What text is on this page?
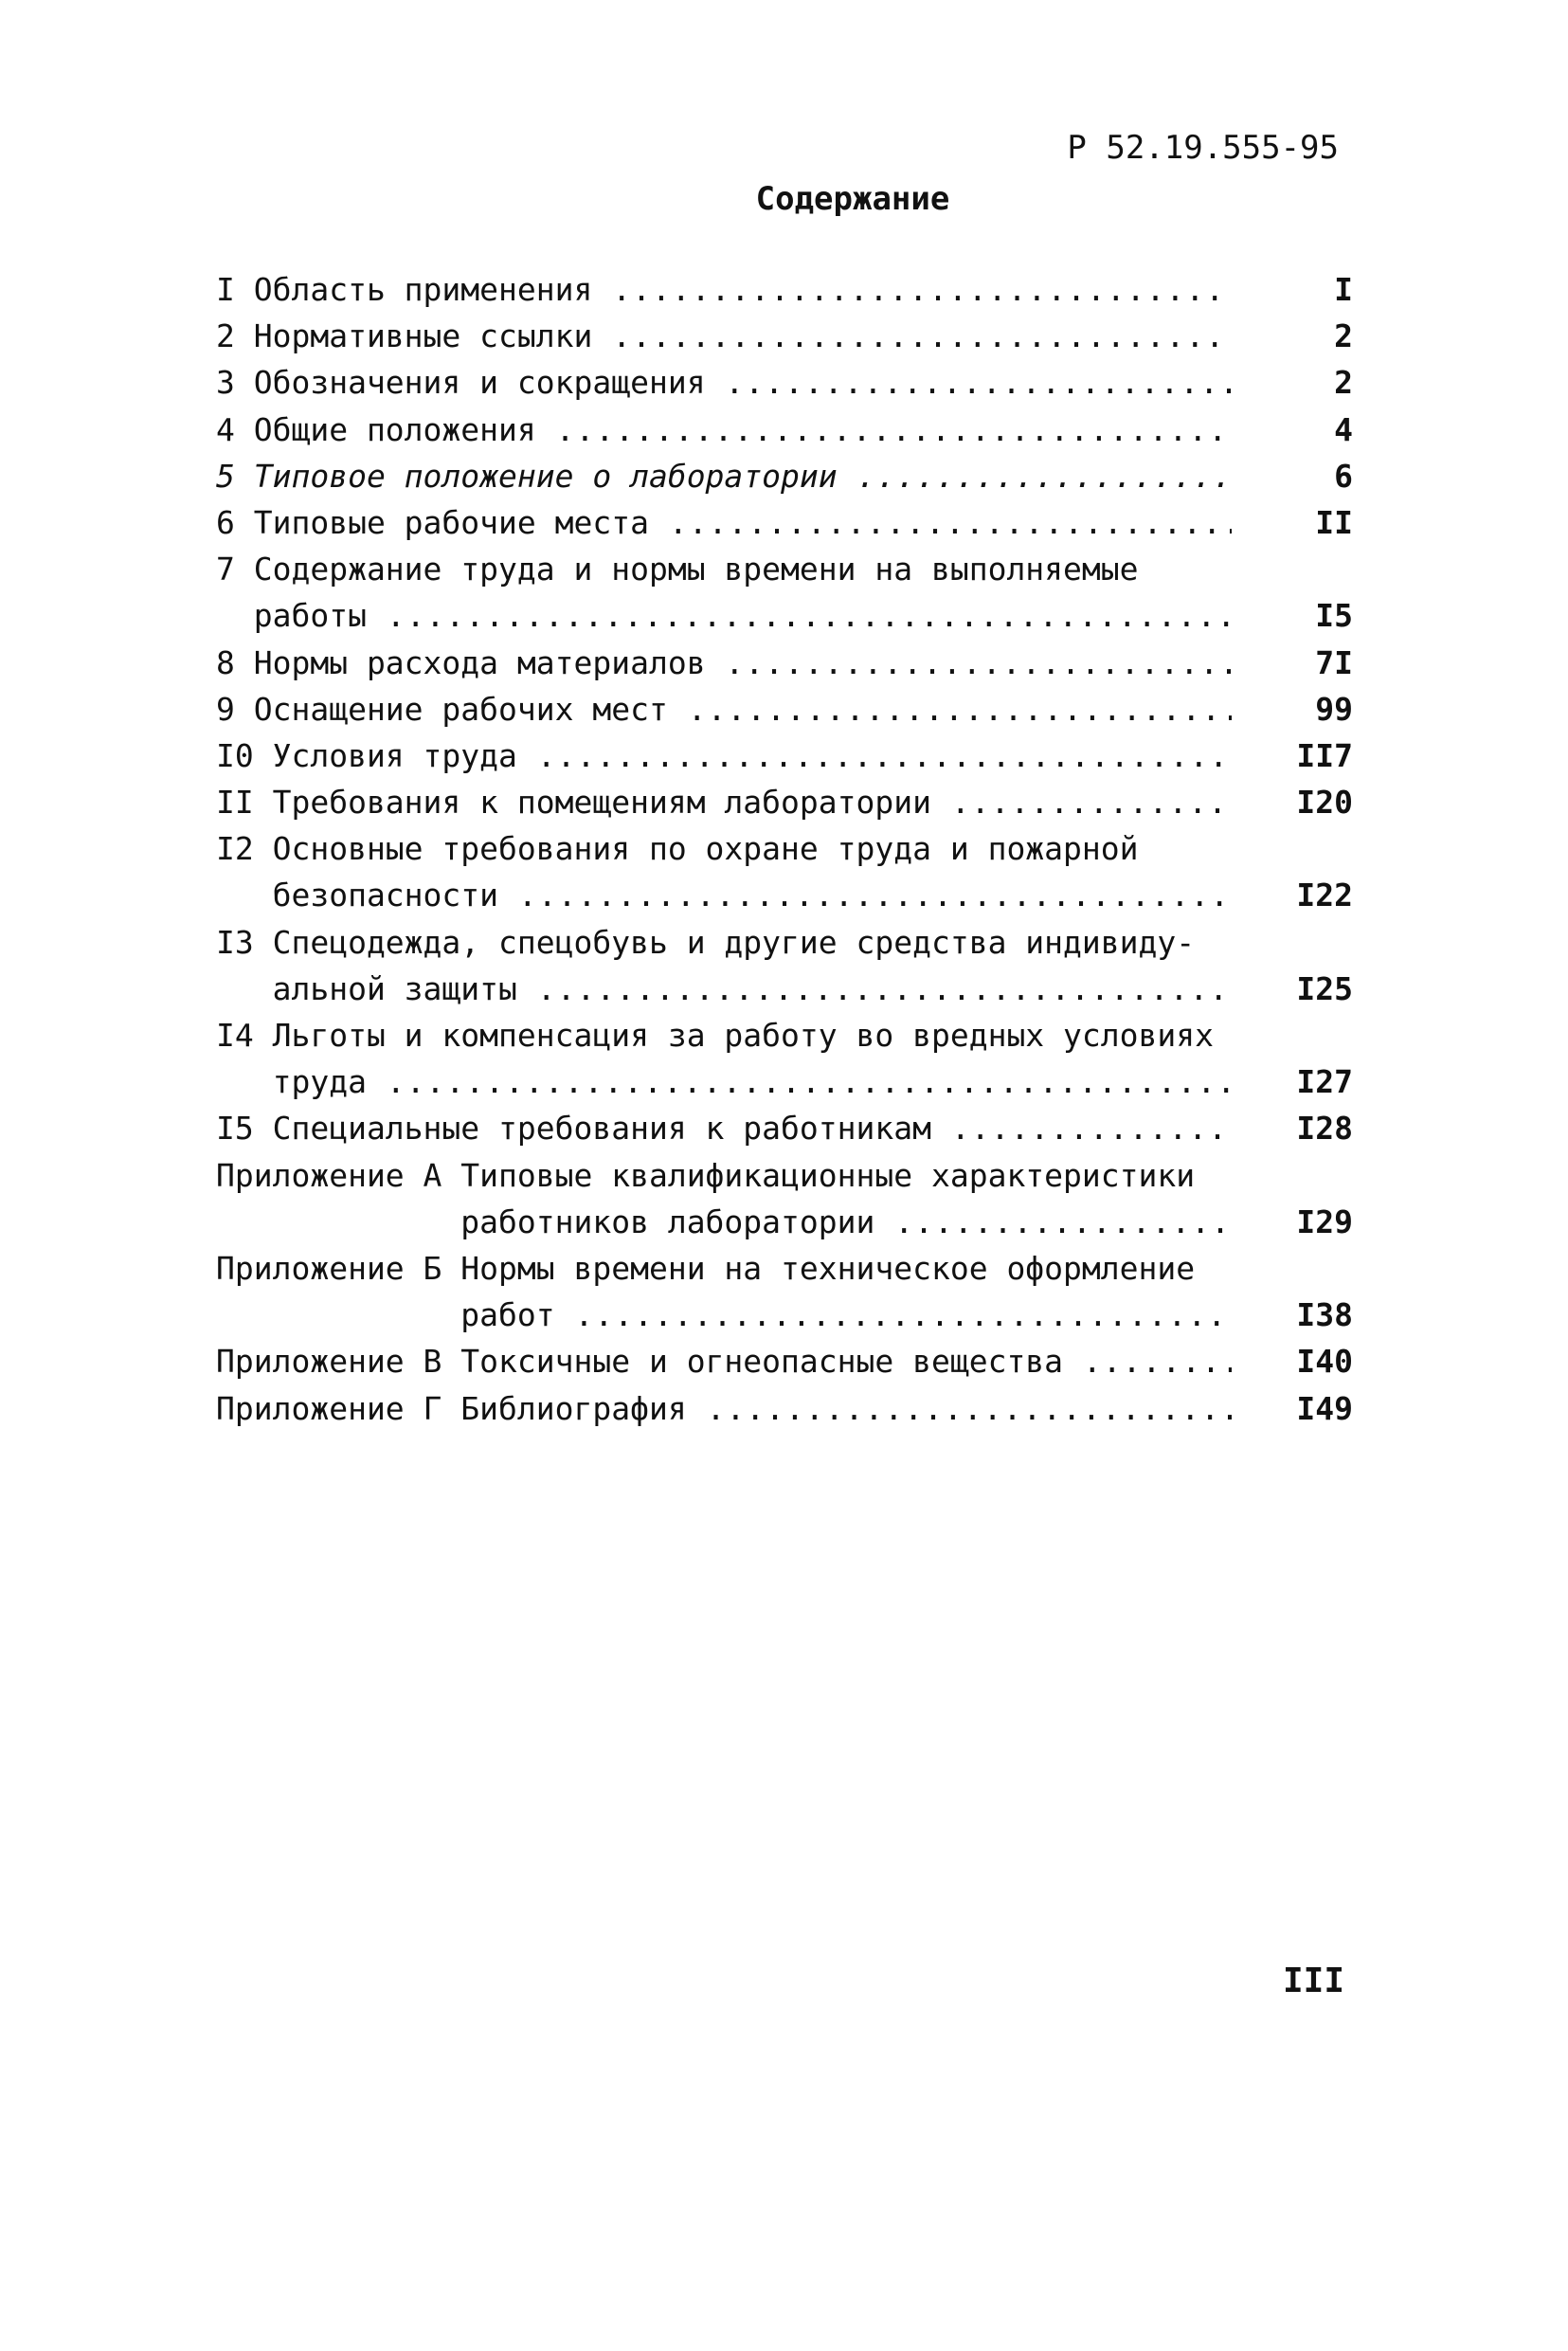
Р 52.19.555-95
Содержание
I Область применения .....	I
2 Нормативные ссылки .....	2
3 Обозначения и сокращения .....	2
4 Общие положения .....	4
5 Типовое положение о лаборатории .....	6
6 Типовые рабочие места .....	II
7 Содержание труда и нормы времени на выполняемые
работы .....	I5
8 Нормы расхода материалов .....	7I
9 Оснащение рабочих мест .....	99
I0 Условия труда .....	II7
II Требования к помещениям лаборатории .....	I20
I2 Основные требования по охране труда и пожарной
безопасности .....	I22
I3 Спецодежда, спецобувь и другие средства индивиду-
альной защиты .....	I25
I4 Льготы и компенсация за работу во вредных условиях
труда .....	I27
I5 Специальные требования к работникам .....	I28
Приложение А Типовые квалификационные характеристики
работников лаборатории .....	I29
Приложение Б Нормы времени на техническое оформление
работ .....	I38
Приложение В Токсичные и огнеопасные вещества .....	I40
Приложение Г Библиография .....	I49
III
